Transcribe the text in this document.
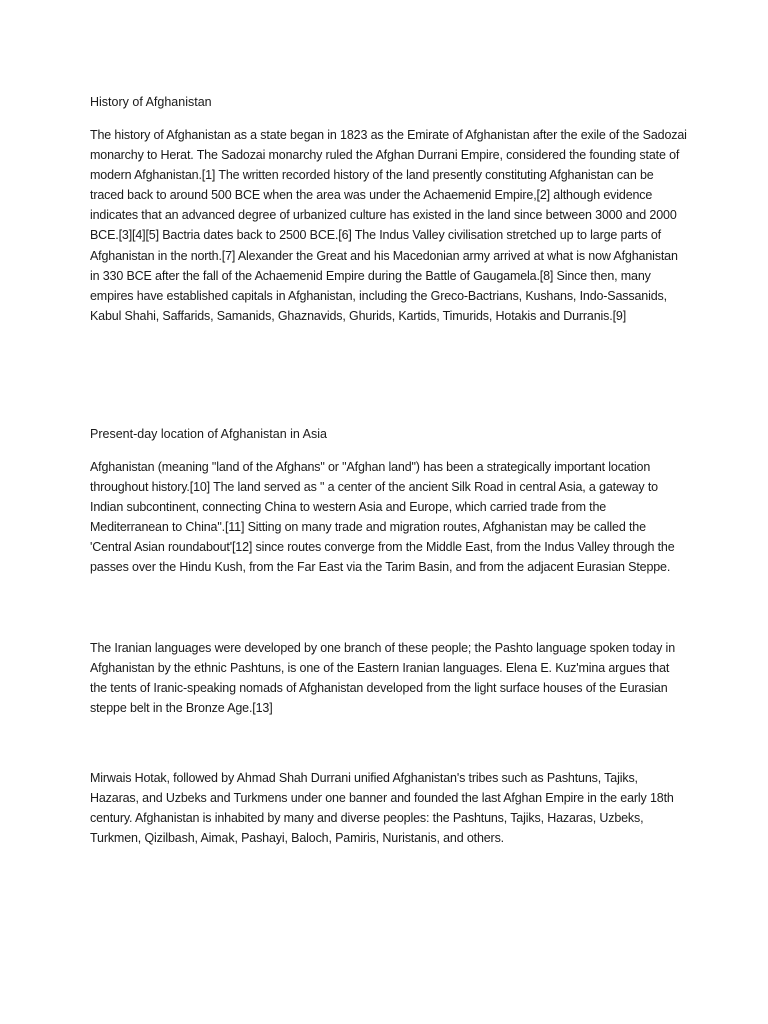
History of Afghanistan

The history of Afghanistan as a state began in 1823 as the Emirate of Afghanistan after the exile of the Sadozai monarchy to Herat. The Sadozai monarchy ruled the Afghan Durrani Empire, considered the founding state of modern Afghanistan.[1] The written recorded history of the land presently constituting Afghanistan can be traced back to around 500 BCE when the area was under the Achaemenid Empire,[2] although evidence indicates that an advanced degree of urbanized culture has existed in the land since between 3000 and 2000 BCE.[3][4][5] Bactria dates back to 2500 BCE.[6] The Indus Valley civilisation stretched up to large parts of Afghanistan in the north.[7] Alexander the Great and his Macedonian army arrived at what is now Afghanistan in 330 BCE after the fall of the Achaemenid Empire during the Battle of Gaugamela.[8] Since then, many empires have established capitals in Afghanistan, including the Greco-Bactrians, Kushans, Indo-Sassanids, Kabul Shahi, Saffarids, Samanids, Ghaznavids, Ghurids, Kartids, Timurids, Hotakis and Durranis.[9]

Present-day location of Afghanistan in Asia

Afghanistan (meaning "land of the Afghans" or "Afghan land") has been a strategically important location throughout history.[10] The land served as " a center of the ancient Silk Road in central Asia, a gateway to Indian subcontinent, connecting China to western Asia and Europe, which carried trade from the Mediterranean to China".[11] Sitting on many trade and migration routes, Afghanistan may be called the 'Central Asian roundabout'[12] since routes converge from the Middle East, from the Indus Valley through the passes over the Hindu Kush, from the Far East via the Tarim Basin, and from the adjacent Eurasian Steppe.

The Iranian languages were developed by one branch of these people; the Pashto language spoken today in Afghanistan by the ethnic Pashtuns, is one of the Eastern Iranian languages. Elena E. Kuz'mina argues that the tents of Iranic-speaking nomads of Afghanistan developed from the light surface houses of the Eurasian steppe belt in the Bronze Age.[13]

Mirwais Hotak, followed by Ahmad Shah Durrani unified Afghanistan's tribes such as Pashtuns, Tajiks, Hazaras, and Uzbeks and Turkmens under one banner and founded the last Afghan Empire in the early 18th century. Afghanistan is inhabited by many and diverse peoples: the Pashtuns, Tajiks, Hazaras, Uzbeks, Turkmen, Qizilbash, Aimak, Pashayi, Baloch, Pamiris, Nuristanis, and others.
